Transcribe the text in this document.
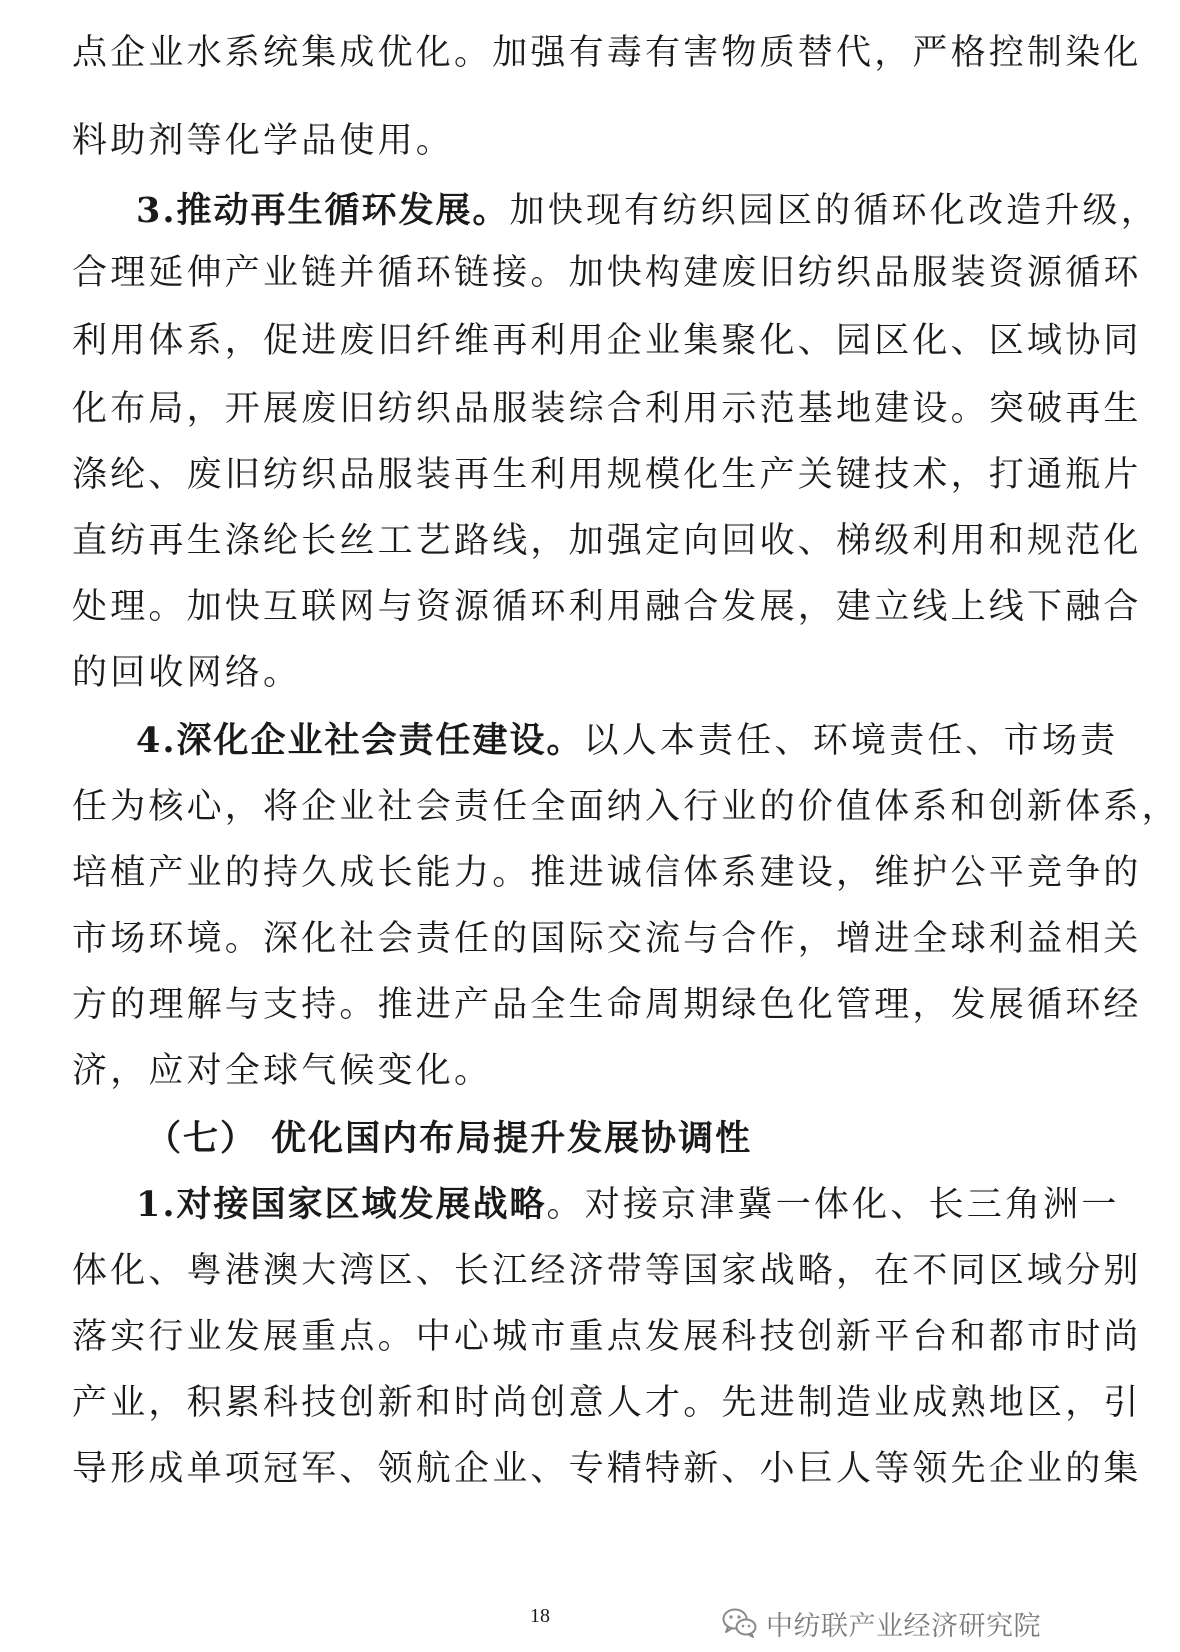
点企业水系统集成优化。加强有毒有害物质替代，严格控制染化
料助剂等化学品使用。
3.推动再生循环发展。加快现有纺织园区的循环化改造升级，
合理延伸产业链并循环链接。加快构建废旧纺织品服装资源循环
利用体系，促进废旧纤维再利用企业集聚化、园区化、区域协同
化布局，开展废旧纺织品服装综合利用示范基地建设。突破再生
涤纶、废旧纺织品服装再生利用规模化生产关键技术，打通瓶片
直纺再生涤纶长丝工艺路线，加强定向回收、梯级利用和规范化
处理。加快互联网与资源循环利用融合发展，建立线上线下融合
的回收网络。
4.深化企业社会责任建设。以人本责任、环境责任、市场责
任为核心，将企业社会责任全面纳入行业的价值体系和创新体系，
培植产业的持久成长能力。推进诚信体系建设，维护公平竞争的
市场环境。深化社会责任的国际交流与合作，增进全球利益相关
方的理解与支持。推进产品全生命周期绿色化管理，发展循环经
济，应对全球气候变化。
（七） 优化国内布局提升发展协调性
1.对接国家区域发展战略。对接京津冀一体化、长三角洲一
体化、粤港澳大湾区、长江经济带等国家战略，在不同区域分别
落实行业发展重点。中心城市重点发展科技创新平台和都市时尚
产业，积累科技创新和时尚创意人才。先进制造业成熟地区，引
导形成单项冠军、领航企业、专精特新、小巨人等领先企业的集
18	中纺联产业经济研究院
